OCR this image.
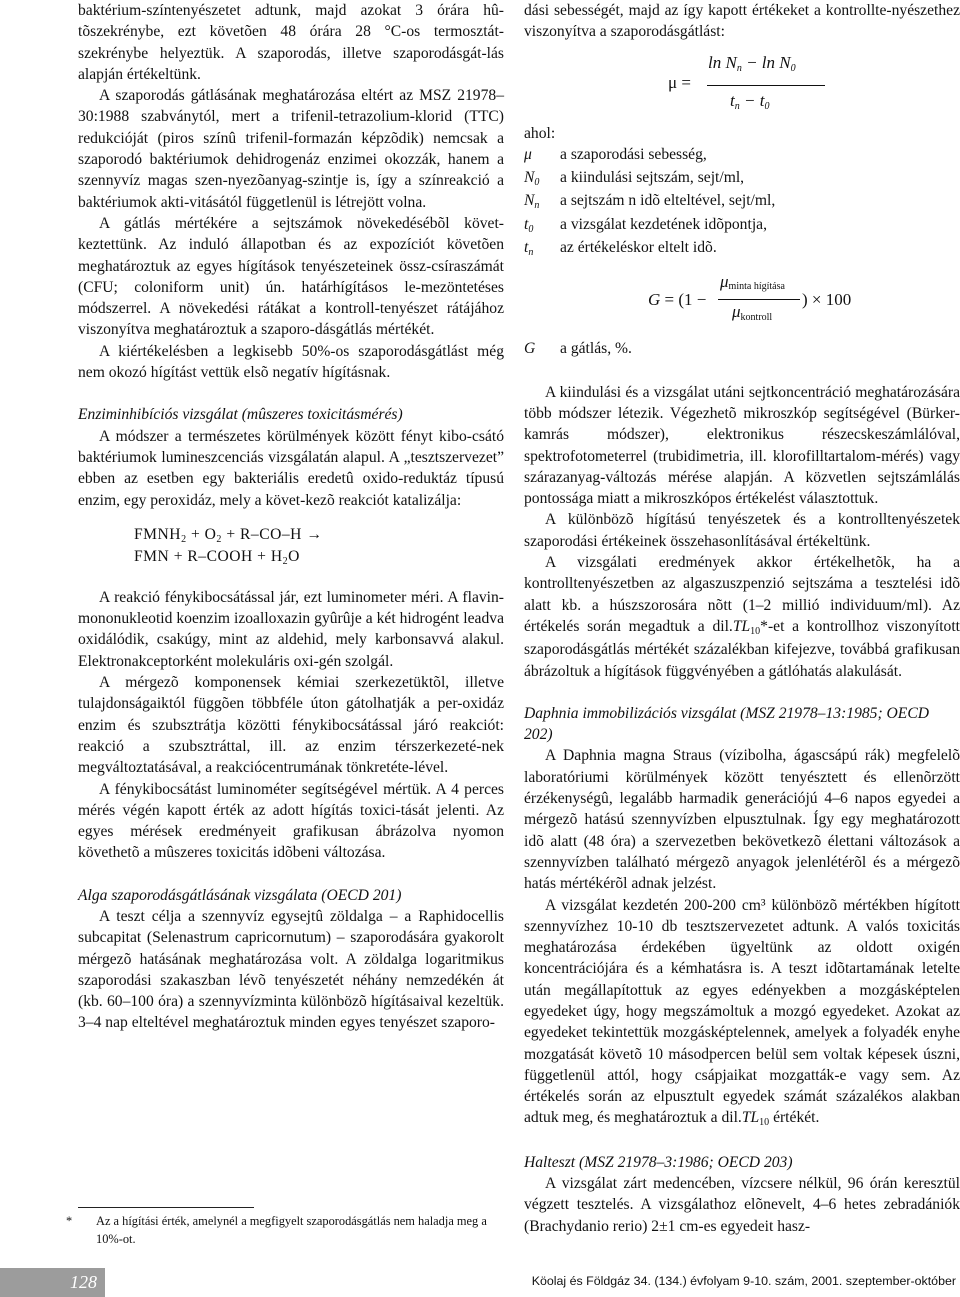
baktérium-színtenyészetet adtunk, majd azokat 3 órára hû-tõszekrénybe, ezt követõen 48 órára 28 °C-os termosztát-szekrénybe helyeztük. A szaporodás, illetve szaporodásgát-lás alapján értékeltünk.

A szaporodás gátlásának meghatározása eltért az MSZ 21978–30:1988 szabványtól, mert a trifenil-tetrazolium-klorid (TTC) redukcióját (piros színû trifenil-formazán képzõdik) nemcsak a szaporodó baktériumok dehidrogenáz enzimei okozzák, hanem a szennyvíz magas szen-nyezõanyag-szintje is, így a színreakció a baktériumok akti-vitásától függetlenül is létrejött volna.

A gátlás mértékére a sejtszámok növekedésébõl követ-keztettünk. Az induló állapotban és az expozíciót követõen meghatároztuk az egyes hígítások tenyészeteinek össz-csíraszámát (CFU; coloniform unit) ún. határhígításos le-mezöntetéses módszerrel. A növekedési rátákat a kontroll-tenyészet rátájához viszonyítva meghatároztuk a szaporo-dásgátlás mértékét.

A kiértékelésben a legkisebb 50%-os szaporodásgátlást még nem okozó hígítást vettük elsõ negatív hígításnak.

Enziminhibíciós vizsgálat (mûszeres toxicitásmérés)

A módszer a természetes körülmények között fényt kibo-csátó baktériumok lumineszcenciás vizsgálatán alapul. A „tesztszervezet” ebben az esetben egy bakteriális eredetû oxido-reduktáz típusú enzim, egy peroxidáz, mely a követ-kezõ reakciót katalizálja:

FMNH2 + O2 + R–CO–H →

FMN + R–COOH + H2O

A reakció fénykibocsátással jár, ezt luminometer méri. A flavin-mononukleotid koenzim izoalloxazin gyûrûje a két hidrogént leadva oxidálódik, csakúgy, mint az aldehid, mely karbonsavvá alakul. Elektronakceptorként molekuláris oxi-gén szolgál.

A mérgezõ komponensek kémiai szerkezetüktõl, illetve tulajdonságaiktól függõen többféle úton gátolhatják a per-oxidáz enzim és szubsztrátja közötti fénykibocsátással járó reakciót: reakció a szubsztráttal, ill. az enzim térszerkezeté-nek megváltoztatásával, a reakciócentrumának tönkretéte-lével.

A fénykibocsátást luminométer segítségével mértük. A 4 perces mérés végén kapott érték az adott hígítás toxici-tását jelenti. Az egyes mérések eredményeit grafikusan ábrázolva nyomon követhetõ a mûszeres toxicitás idõbeni változása.

Alga szaporodásgátlásának vizsgálata (OECD 201)

A teszt célja a szennyvíz egysejtû zöldalga – a Raphidocellis subcapitat (Selenastrum capricornutum) – szaporodására gyakorolt mérgezõ hatásának meghatározása volt. A zöldalga logaritmikus szaporodási szakaszban lévõ tenyészetét néhány nemzedékén át (kb. 60–100 óra) a szennyvízminta különbözõ hígításaival kezeltük. 3–4 nap elteltével meghatároztuk minden egyes tenyészet szaporo-

* Az a hígítási érték, amelynél a megfigyelt szaporodásgátlás nem haladja meg a 10%-ot.

dási sebességét, majd az így kapott értékeket a kontrollte-nyészethez viszonyítva a szaporodásgátlást:

μ =
ln Nn − ln N0
tn − t0

ahol:

μ	a szaporodási sebesség,
N0	a kiindulási sejtszám, sejt/ml,
Nn	a sejtszám n idõ elteltével, sejt/ml,
t0	a vizsgálat kezdetének idõpontja,
tn	az értékeléskor eltelt idõ.
G = (1 −
μminta hígítása
μkontroll
) × 100
G	a gátlás, %.

A kiindulási és a vizsgálat utáni sejtkoncentráció meghatározására több módszer létezik. Végezhetõ mikroszkóp segítségével (Bürker-kamrás módszer), elektronikus részecskeszámlálóval, spektrofotometerrel (trubidimetria, ill. klorofilltartalom-mérés) vagy szárazanyag-változás mérése alapján. A közvetlen sejtszámlálás pontossága miatt a mikroszkópos értékelést választottuk.

A különbözõ hígítású tenyészetek és a kontrolltenyészetek szaporodási értékeinek összehasonlításával értékeltünk.

A vizsgálati eredmények akkor értékelhetõk, ha a kontrolltenyészetben az algaszuszpenzió sejtszáma a tesztelési idõ alatt kb. a húszszorosára nõtt (1–2 millió individuum/ml). Az értékelés során megadtuk a dil.TL10*-et a kontrollhoz viszonyított szaporodásgátlás mértékét százalékban kifejezve, továbbá grafikusan ábrázoltuk a hígítások függvényében a gátlóhatás alakulását.

Daphnia immobilizációs vizsgálat (MSZ 21978–13:1985; OECD 202)

A Daphnia magna Straus (vízibolha, ágascsápú rák) megfelelõ laboratóriumi körülmények között tenyésztett és ellenõrzött érzékenységû, legalább harmadik generációjú 4–6 napos egyedei a mérgezõ hatású szennyvízben elpusztulnak. Így egy meghatározott idõ alatt (48 óra) a szervezetben bekövetkezõ élettani változások a szennyvízben található mérgezõ anyagok jelenlétérõl és a mérgezõ hatás mértékérõl adnak jelzést.

A vizsgálat kezdetén 200-200 cm³ különbözõ mértékben hígított szennyvízhez 10-10 db tesztszervezetet adtunk. A valós toxicitás meghatározása érdekében ügyeltünk az oldott oxigén koncentrációjára és a kémhatásra is. A teszt idõtartamának letelte után megállapítottuk az egyes edényekben a mozgásképtelen egyedeket úgy, hogy megszámoltuk a mozgó egyedeket. Azokat az egyedeket tekintettük mozgásképtelennek, amelyek a folyadék enyhe mozgatását követõ 10 másodpercen belül sem voltak képesek úszni, függetlenül attól, hogy csápjaikat mozgatták-e vagy sem. Az értékelés során az elpusztult egyedek számát százalékos alakban adtuk meg, és meghatároztuk a dil.TL10 értékét.

Halteszt (MSZ 21978–3:1986; OECD 203)

A vizsgálat zárt medencében, vízcsere nélkül, 96 órán keresztül végzett tesztelés. A vizsgálathoz elõnevelt, 4–6 hetes zebradániók (Brachydanio rerio) 2±1 cm-es egyedeit hasz-

128	Köolaj és Földgáz 34. (134.) évfolyam 9-10. szám, 2001. szeptember-október
